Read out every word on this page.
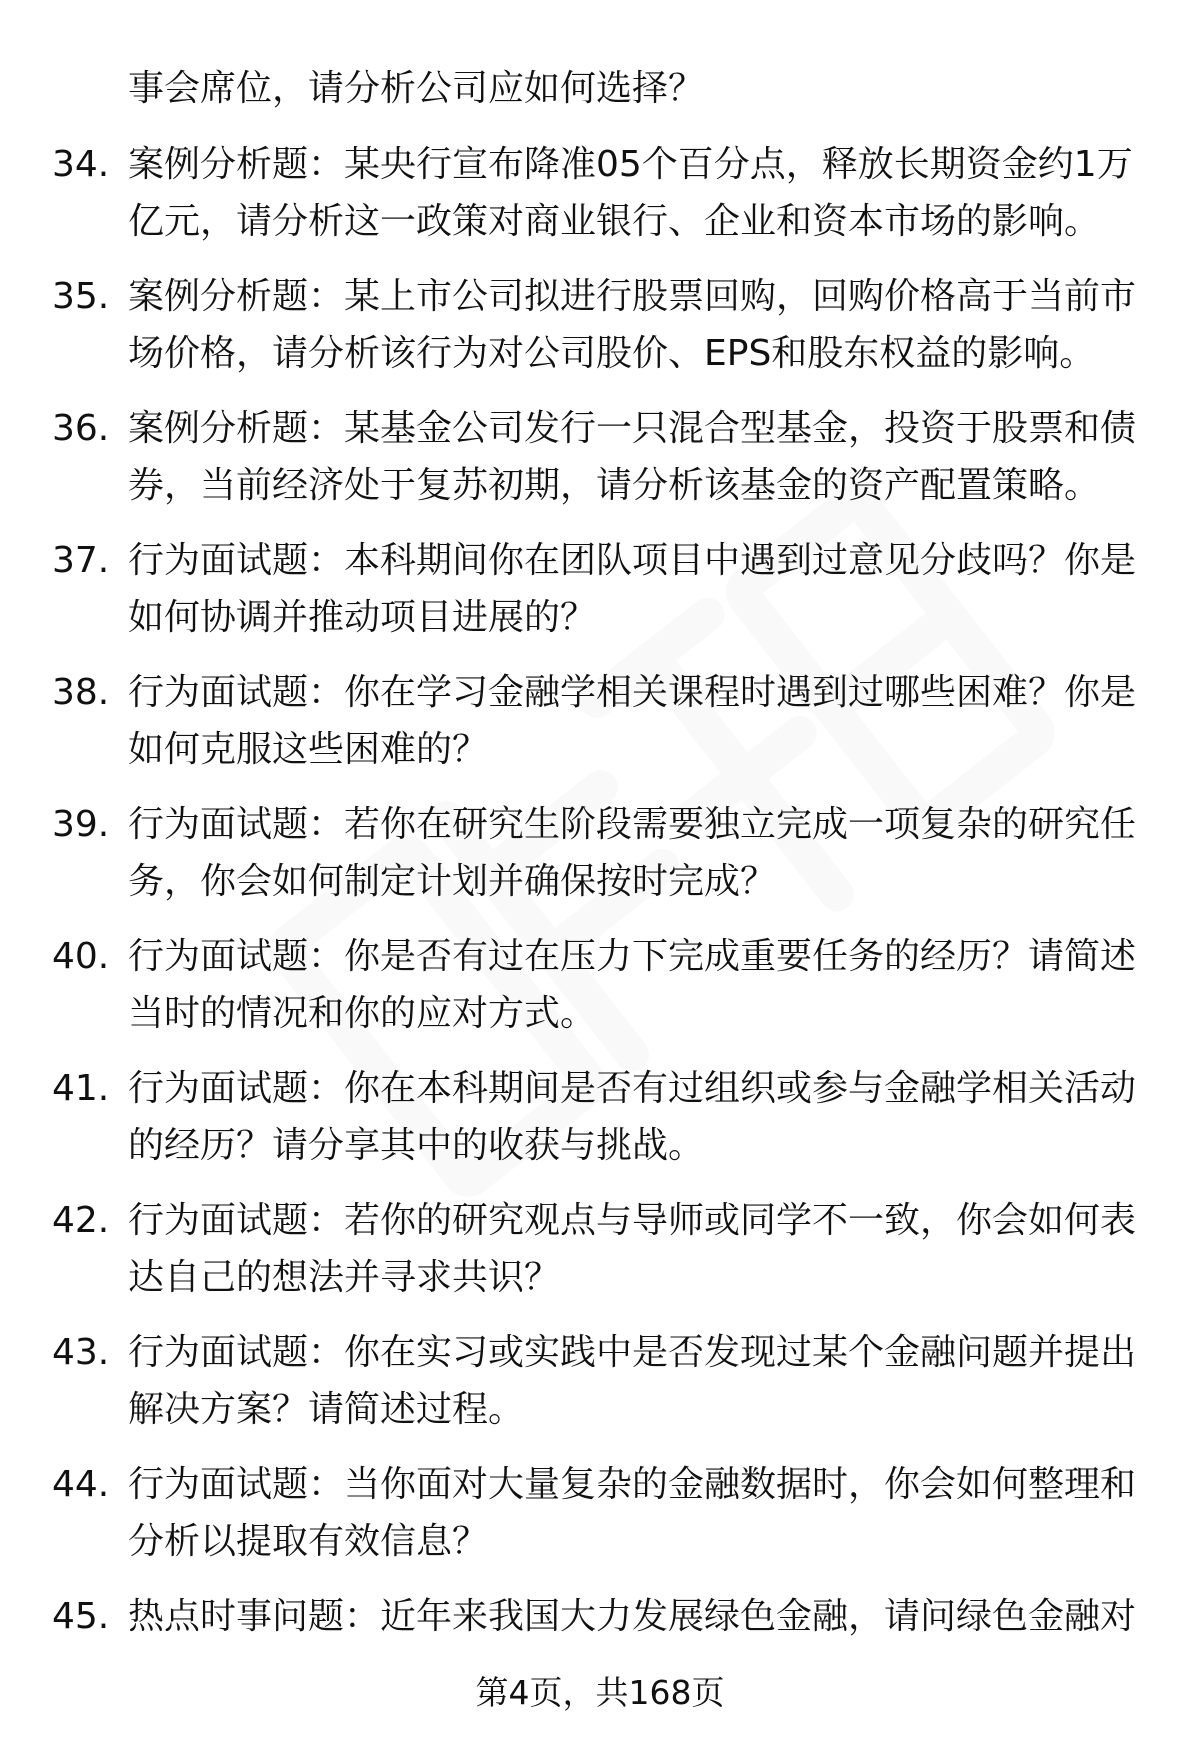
事会席位，请分析公司应如何选择？
34. 案例分析题：某央行宣布降准05个百分点，释放长期资金约1万
亿元，请分析这一政策对商业银行、企业和资本市场的影响。
35. 案例分析题：某上市公司拟进行股票回购，回购价格高于当前市
场价格，请分析该行为对公司股价、EPS和股东权益的影响。
36. 案例分析题：某基金公司发行一只混合型基金，投资于股票和债
券，当前经济处于复苏初期，请分析该基金的资产配置策略。
37. 行为面试题：本科期间你在团队项目中遇到过意见分歧吗？你是
如何协调并推动项目进展的？
38. 行为面试题：你在学习金融学相关课程时遇到过哪些困难？你是
如何克服这些困难的？
39. 行为面试题：若你在研究生阶段需要独立完成一项复杂的研究任
务，你会如何制定计划并确保按时完成？
40. 行为面试题：你是否有过在压力下完成重要任务的经历？请简述
当时的情况和你的应对方式。
41. 行为面试题：你在本科期间是否有过组织或参与金融学相关活动
的经历？请分享其中的收获与挑战。
42. 行为面试题：若你的研究观点与导师或同学不一致，你会如何表
达自己的想法并寻求共识？
43. 行为面试题：你在实习或实践中是否发现过某个金融问题并提出
解决方案？请简述过程。
44. 行为面试题：当你面对大量复杂的金融数据时，你会如何整理和
分析以提取有效信息？
45. 热点时事问题：近年来我国大力发展绿色金融，请问绿色金融对
第4页，共168页
